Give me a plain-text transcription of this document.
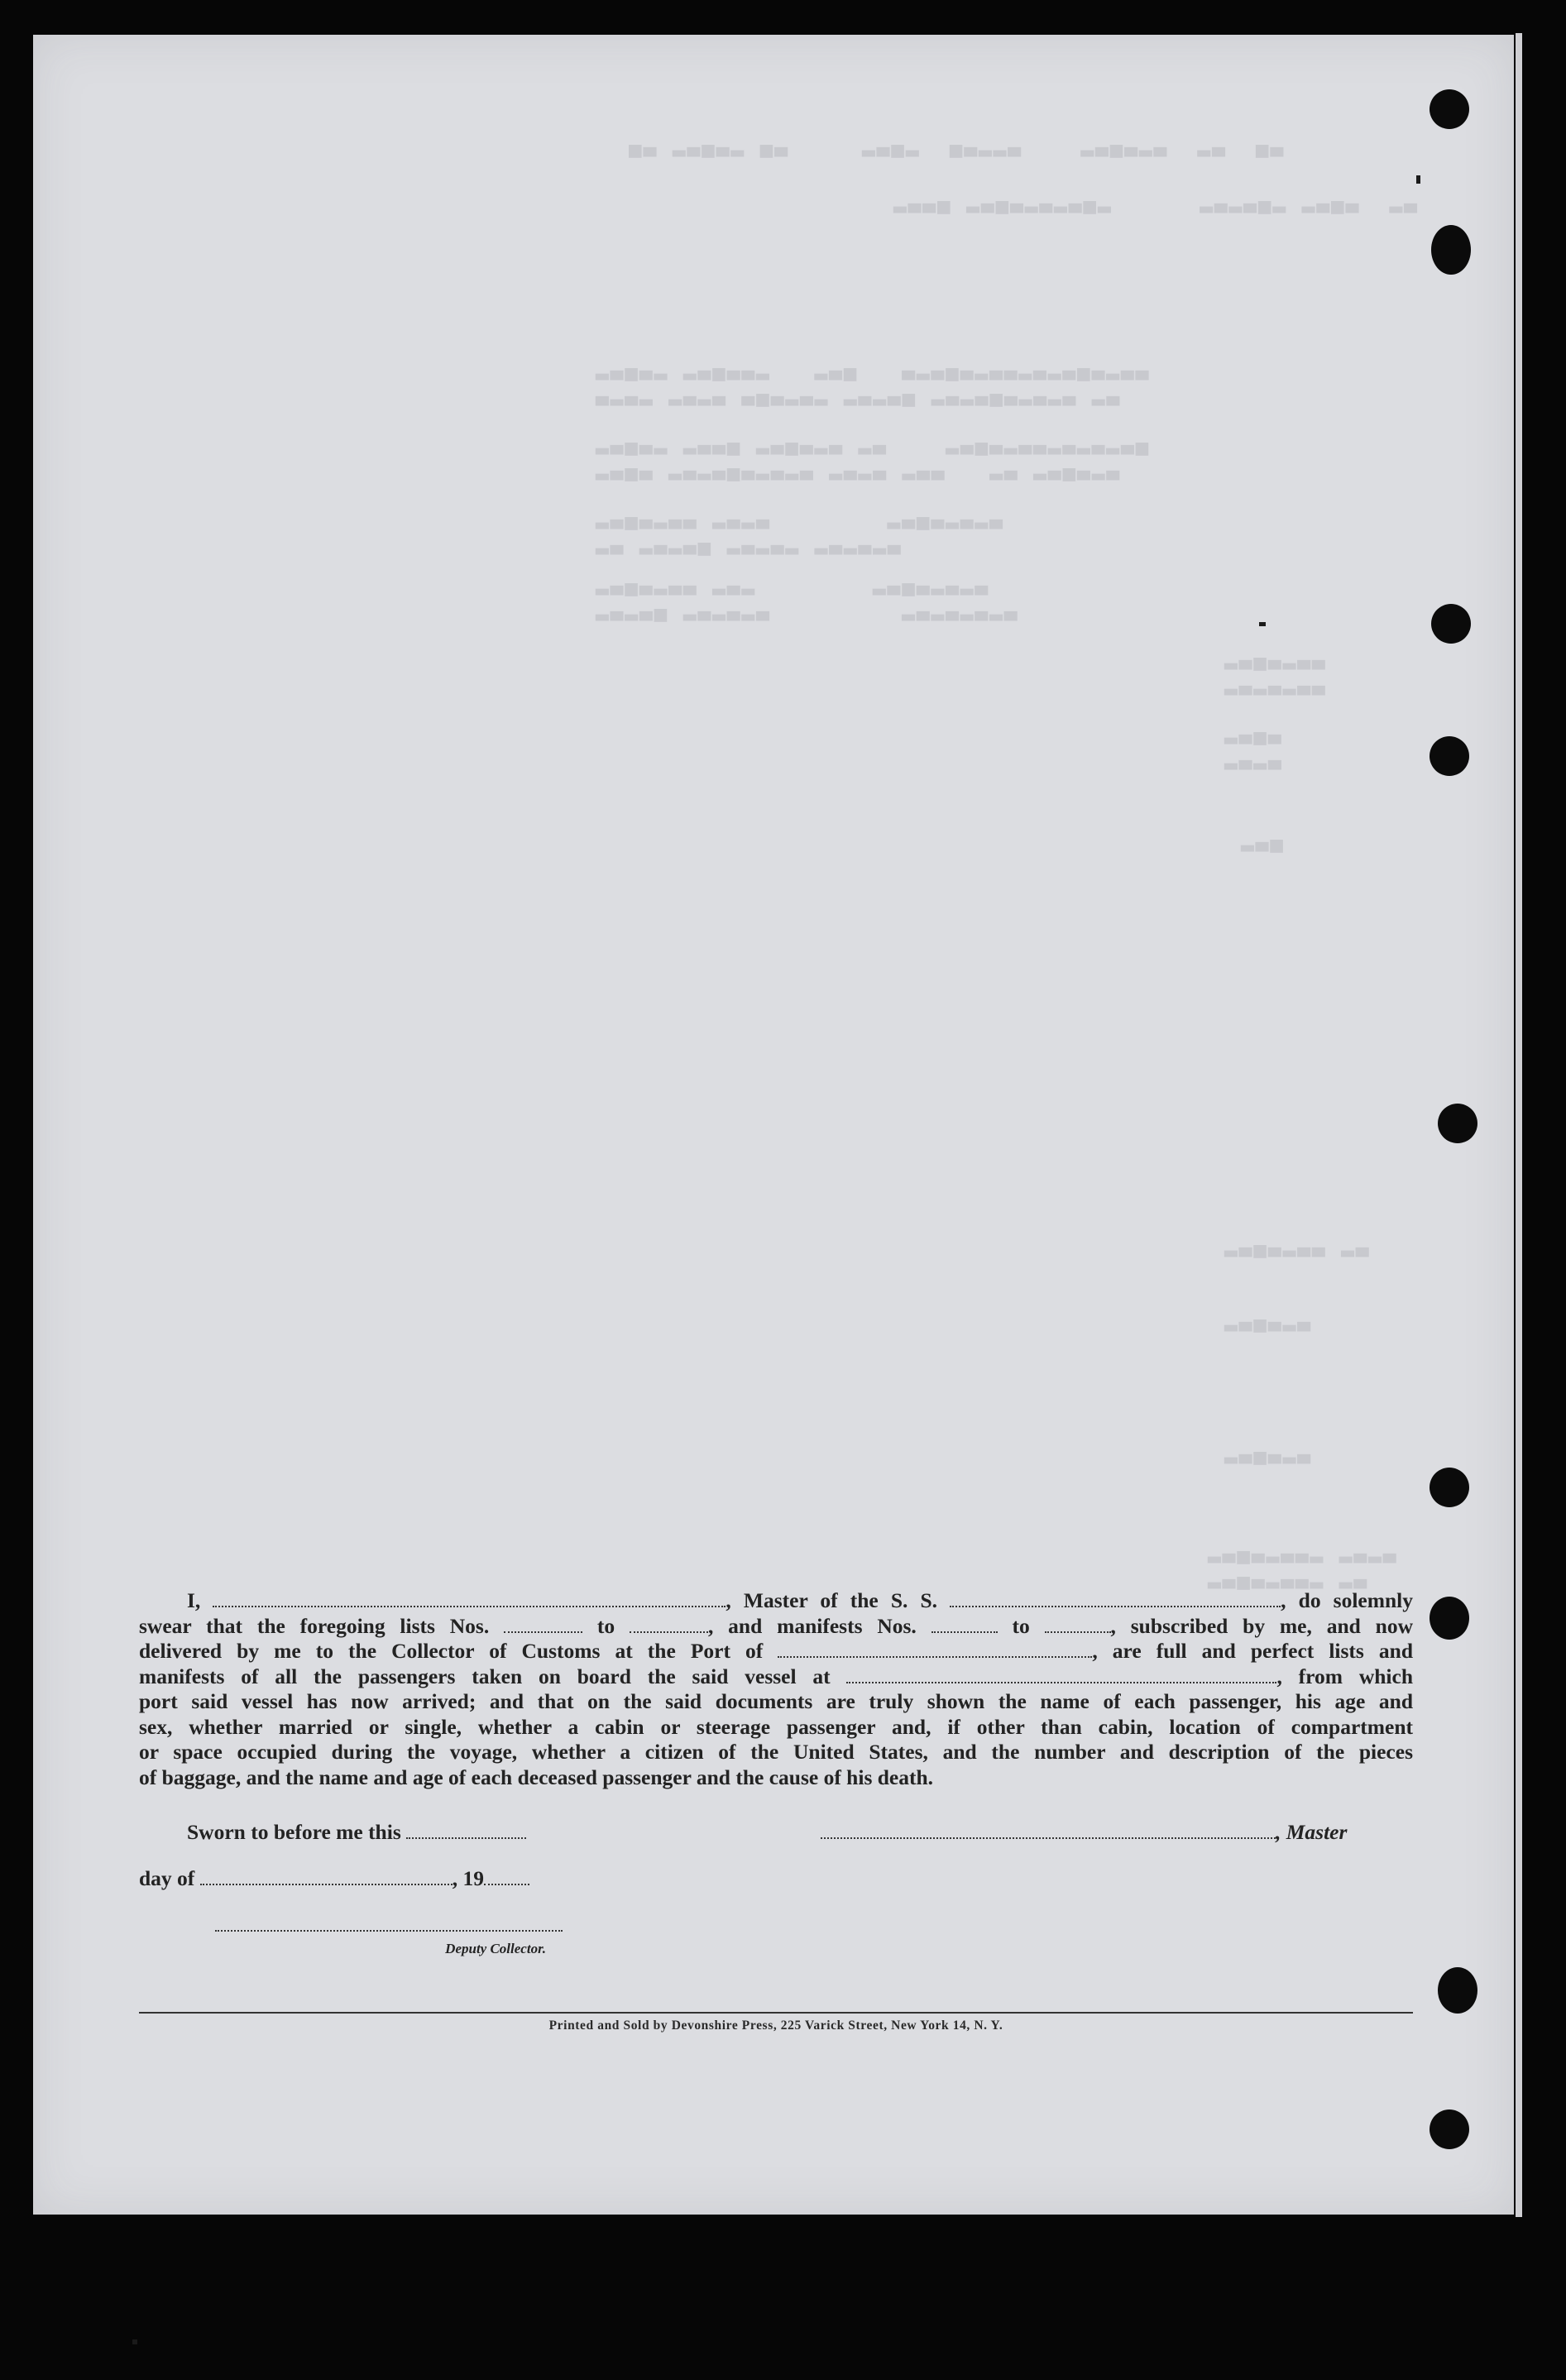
▄▃ ▂▃▄▃▂ ▄▃     ▂▃▄▂  ▄▃▂▂▃    ▂▃▄▃▂▃  ▂▃  ▄▃
▂▃▃▄ ▂▃▄▃▂▃▂▃▄▂      ▂▃▂▃▄▂ ▂▃▄▃  ▂▃
▂▃▄▃▂ ▂▃▄▃▃▂   ▂▃▄   ▃▂▃▄▃▂▃▃▂▃▂▃▄▃▂▃▃
▃▂▃▂ ▂▃▂▃ ▃▄▃▂▃▂ ▂▃▂▃▄ ▂▃▂▃▄▃▂▃▂▃ ▂▃
▂▃▄▃▂ ▂▃▃▄ ▂▃▄▃▂▃ ▂▃    ▂▃▄▃▂▃▃▂▃▂▃▂▃▄
▂▃▄▃ ▂▃▂▃▄▃▂▃▂▃ ▂▃▂▃ ▂▃▃   ▂▃ ▂▃▄▃▂▃
▂▃▄▃▂▃▃ ▂▃▂▃        ▂▃▄▃▂▃▂▃
▂▃ ▂▃▂▃▄ ▂▃▂▃▂ ▂▃▂▃▂▃
▂▃▄▃▂▃▃ ▂▃▂        ▂▃▄▃▂▃▂▃
▂▃▂▃▄ ▂▃▂▃▂▃         ▂▃▂▃▂▃▂▃
▂▃▄▃▂▃▃
▂▃▂▃▂▃▃
▂▃▄▃
▂▃▂▃
▂▃▄
▂▃▄▃▂▃▃ ▂▃
▂▃▄▃▂▃
▂▃▄▃▂▃
▂▃▄▃▂▃▃▂ ▂▃▂▃
▂▃▄▃▂▃▃▂ ▂▃
I,	, Master of the S. S.	, do solemnly
swear that the foregoing lists Nos.	to	, and manifests Nos.	to	, subscribed by me, and now
delivered by me to the Collector of Customs at the Port of	, are full and perfect lists and
manifests of all the passengers taken on board the said vessel at	, from which
port said vessel has now arrived; and that on the said documents are truly shown the name of each passenger, his age and
sex, whether married or single, whether a cabin or steerage passenger and, if other than cabin, location of compartment
or space occupied during the voyage, whether a citizen of the United States, and the number and description of the pieces
of baggage, and the name and age of each deceased passenger and the cause of his death.
Sworn to before me this	, Master
day of	, 19
Deputy Collector.
Printed and Sold by Devonshire Press, 225 Varick Street, New York 14, N. Y.
